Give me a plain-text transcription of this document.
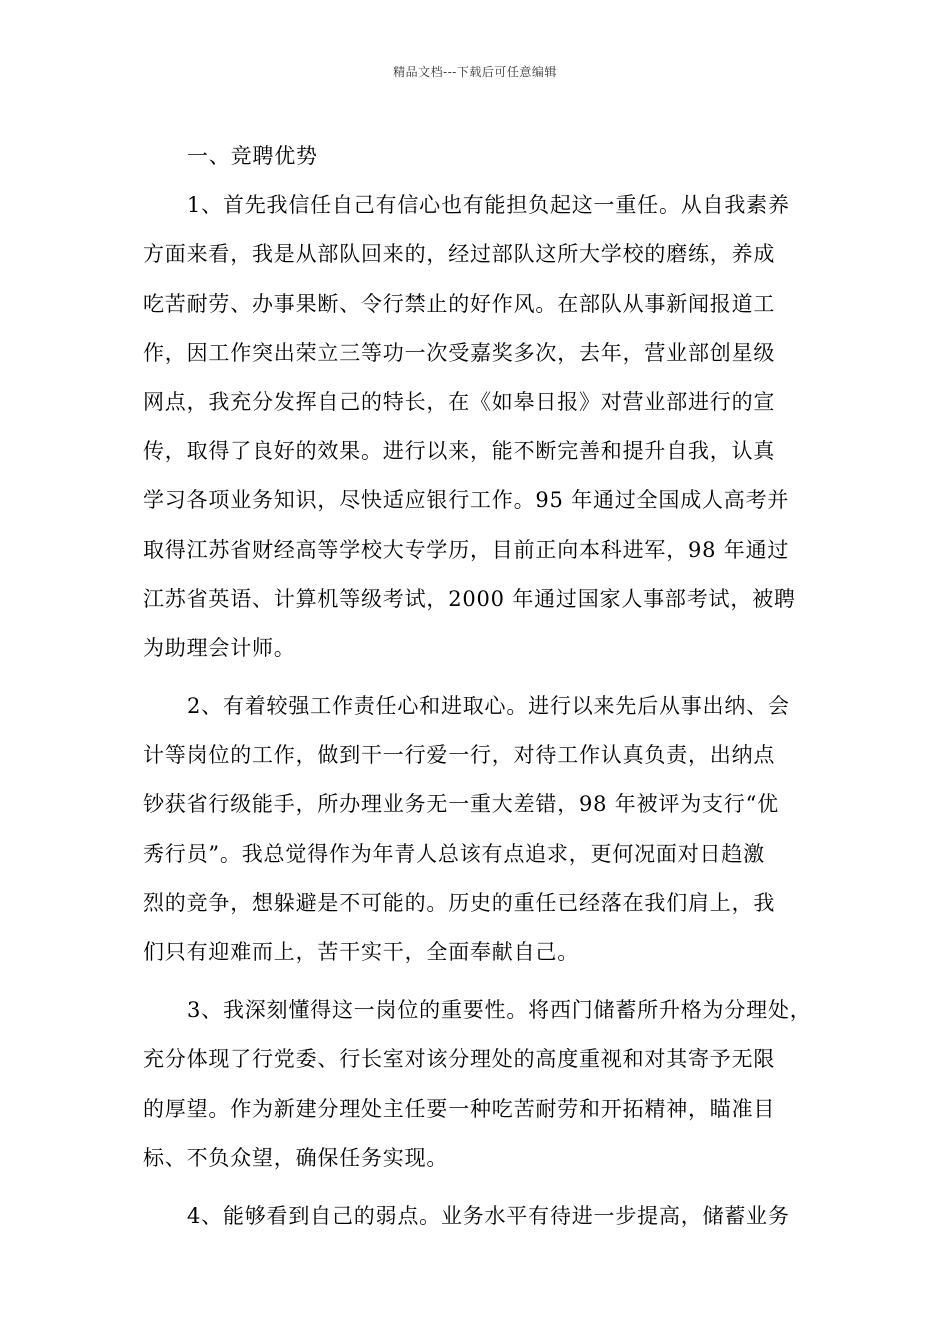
精品文档---下载后可任意编辑
一、竞聘优势
1、首先我信任自己有信心也有能担负起这一重任。从自我素养
方面来看，我是从部队回来的，经过部队这所大学校的磨练，养成
吃苦耐劳、办事果断、令行禁止的好作风。在部队从事新闻报道工
作，因工作突出荣立三等功一次受嘉奖多次，去年，营业部创星级
网点，我充分发挥自己的特长，在《如皋日报》对营业部进行的宣
传，取得了良好的效果。进行以来，能不断完善和提升自我，认真
学习各项业务知识，尽快适应银行工作。95 年通过全国成人高考并
取得江苏省财经高等学校大专学历，目前正向本科进军，98 年通过
江苏省英语、计算机等级考试，2000 年通过国家人事部考试，被聘
为助理会计师。
2、有着较强工作责任心和进取心。进行以来先后从事出纳、会
计等岗位的工作，做到干一行爱一行，对待工作认真负责，出纳点
钞获省行级能手，所办理业务无一重大差错，98 年被评为支行“优
秀行员”。我总觉得作为年青人总该有点追求，更何况面对日趋激
烈的竞争，想躲避是不可能的。历史的重任已经落在我们肩上，我
们只有迎难而上，苦干实干，全面奉献自己。
3、我深刻懂得这一岗位的重要性。将西门储蓄所升格为分理处，
充分体现了行党委、行长室对该分理处的高度重视和对其寄予无限
的厚望。作为新建分理处主任要一种吃苦耐劳和开拓精神，瞄准目
标、不负众望，确保任务实现。
4、能够看到自己的弱点。业务水平有待进一步提高，储蓄业务
